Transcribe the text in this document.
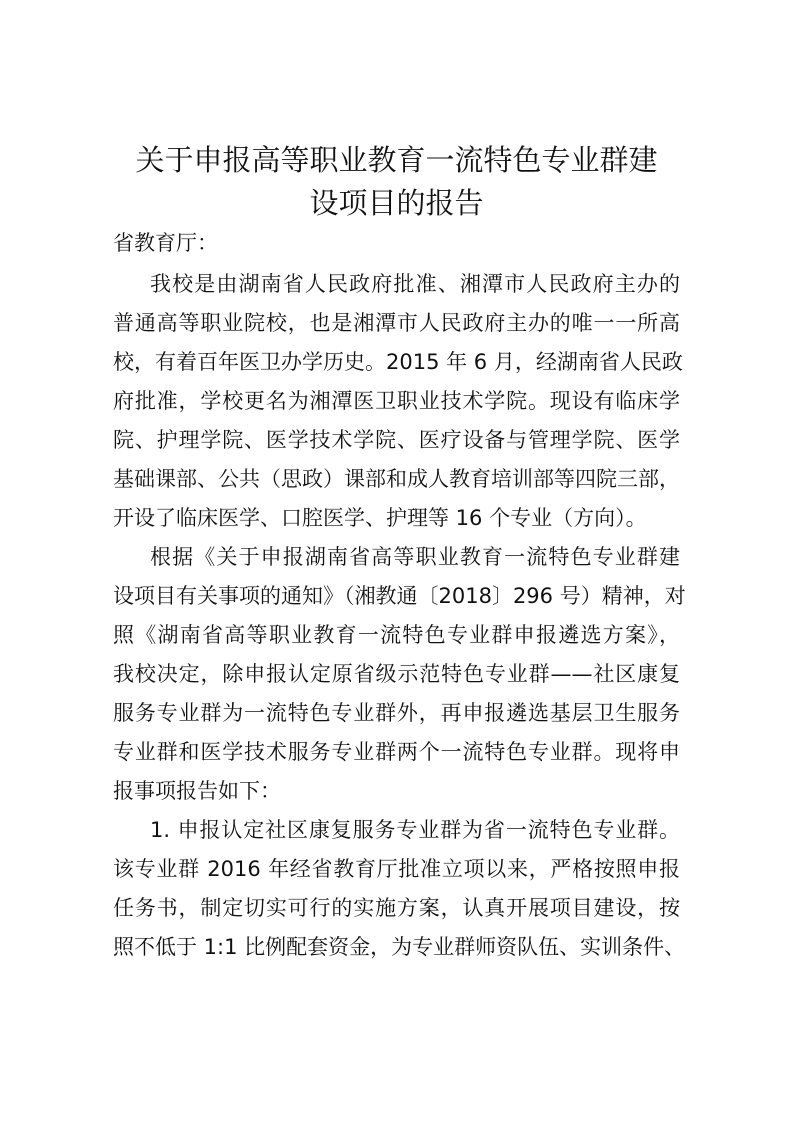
关于申报高等职业教育一流特色专业群建
设项目的报告
省教育厅：
我校是由湖南省人民政府批准、湘潭市人民政府主办的
普通高等职业院校，也是湘潭市人民政府主办的唯一一所高
校，有着百年医卫办学历史。2015 年 6 月，经湖南省人民政
府批准，学校更名为湘潭医卫职业技术学院。现设有临床学
院、护理学院、医学技术学院、医疗设备与管理学院、医学
基础课部、公共（思政）课部和成人教育培训部等四院三部，
开设了临床医学、口腔医学、护理等 16 个专业（方向）。
根据《关于申报湖南省高等职业教育一流特色专业群建
设项目有关事项的通知》（湘教通〔2018〕296 号）精神，对
照《湖南省高等职业教育一流特色专业群申报遴选方案》，
我校决定，除申报认定原省级示范特色专业群——社区康复
服务专业群为一流特色专业群外，再申报遴选基层卫生服务
专业群和医学技术服务专业群两个一流特色专业群。现将申
报事项报告如下：
1. 申报认定社区康复服务专业群为省一流特色专业群。
该专业群 2016 年经省教育厅批准立项以来，严格按照申报
任务书，制定切实可行的实施方案，认真开展项目建设，按
照不低于 1:1 比例配套资金，为专业群师资队伍、实训条件、
